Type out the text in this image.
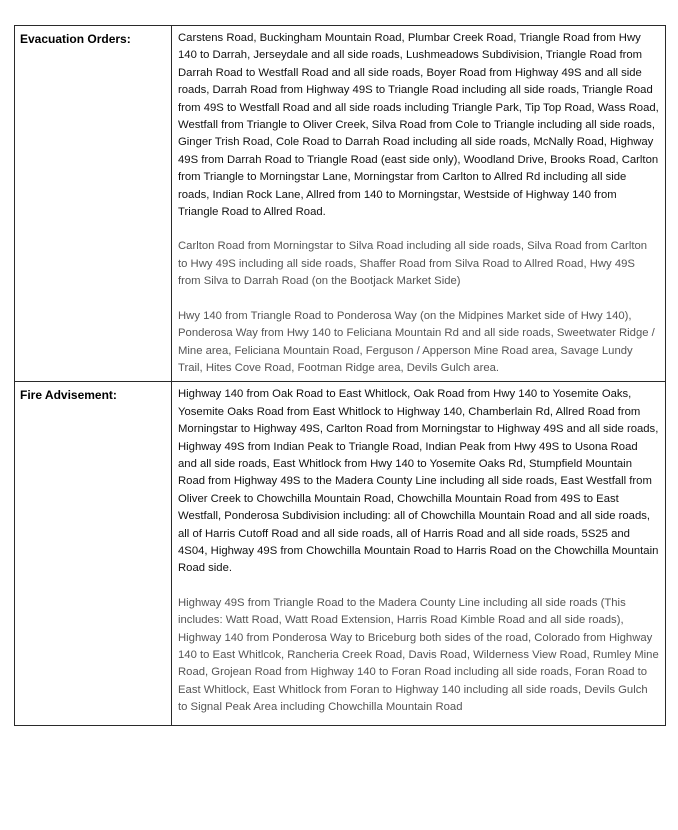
Evacuation Orders:	Carstens Road, Buckingham Mountain Road, Plumbar Creek Road, Triangle Road from Hwy 140 to Darrah, Jerseydale and all side roads, Lushmeadows Subdivision, Triangle Road from Darrah Road to Westfall Road and all side roads, Boyer Road from Highway 49S and all side roads, Darrah Road from Highway 49S to Triangle Road including all side roads, Triangle Road from 49S to Westfall Road and all side roads including Triangle Park, Tip Top Road, Wass Road, Westfall from Triangle to Oliver Creek, Silva Road from Cole to Triangle including all side roads, Ginger Trish Road, Cole Road to Darrah Road including all side roads, McNally Road, Highway 49S from Darrah Road to Triangle Road (east side only), Woodland Drive, Brooks Road, Carlton from Triangle to Morningstar Lane, Morningstar from Carlton to Allred Rd including all side roads, Indian Rock Lane, Allred from 140 to Morningstar, Westside of Highway 140 from Triangle Road to Allred Road.

Carlton Road from Morningstar to Silva Road including all side roads, Silva Road from Carlton to Hwy 49S including all side roads, Shaffer Road from Silva Road to Allred Road, Hwy 49S from Silva to Darrah Road (on the Bootjack Market Side)

Hwy 140 from Triangle Road to Ponderosa Way (on the Midpines Market side of Hwy 140), Ponderosa Way from Hwy 140 to Feliciana Mountain Rd and all side roads, Sweetwater Ridge / Mine area, Feliciana Mountain Road, Ferguson / Apperson Mine Road area, Savage Lundy Trail, Hites Cove Road, Footman Ridge area, Devils Gulch area.

Fire Advisement:	Highway 140 from Oak Road to East Whitlock, Oak Road from Hwy 140 to Yosemite Oaks, Yosemite Oaks Road from East Whitlock to Highway 140, Chamberlain Rd, Allred Road from Morningstar to Highway 49S, Carlton Road from Morningstar to Highway 49S and all side roads, Highway 49S from Indian Peak to Triangle Road, Indian Peak from Hwy 49S to Usona Road and all side roads, East Whitlock from Hwy 140 to Yosemite Oaks Rd, Stumpfield Mountain Road from Highway 49S to the Madera County Line including all side roads, East Westfall from Oliver Creek to Chowchilla Mountain Road, Chowchilla Mountain Road from 49S to East Westfall, Ponderosa Subdivision including: all of Chowchilla Mountain Road and all side roads, all of Harris Cutoff Road and all side roads, all of Harris Road and all side roads, 5S25 and 4S04, Highway 49S from Chowchilla Mountain Road to Harris Road on the Chowchilla Mountain Road side.

Highway 49S from Triangle Road to the Madera County Line including all side roads (This includes: Watt Road, Watt Road Extension, Harris Road Kimble Road and all side roads), Highway 140 from Ponderosa Way to Briceburg both sides of the road, Colorado from Highway 140 to East Whitlcok, Rancheria Creek Road, Davis Road, Wilderness View Road, Rumley Mine Road, Grojean Road from Highway 140 to Foran Road including all side roads, Foran Road to East Whitlock, East Whitlock from Foran to Highway 140 including all side roads, Devils Gulch to Signal Peak Area including Chowchilla Mountain Road
